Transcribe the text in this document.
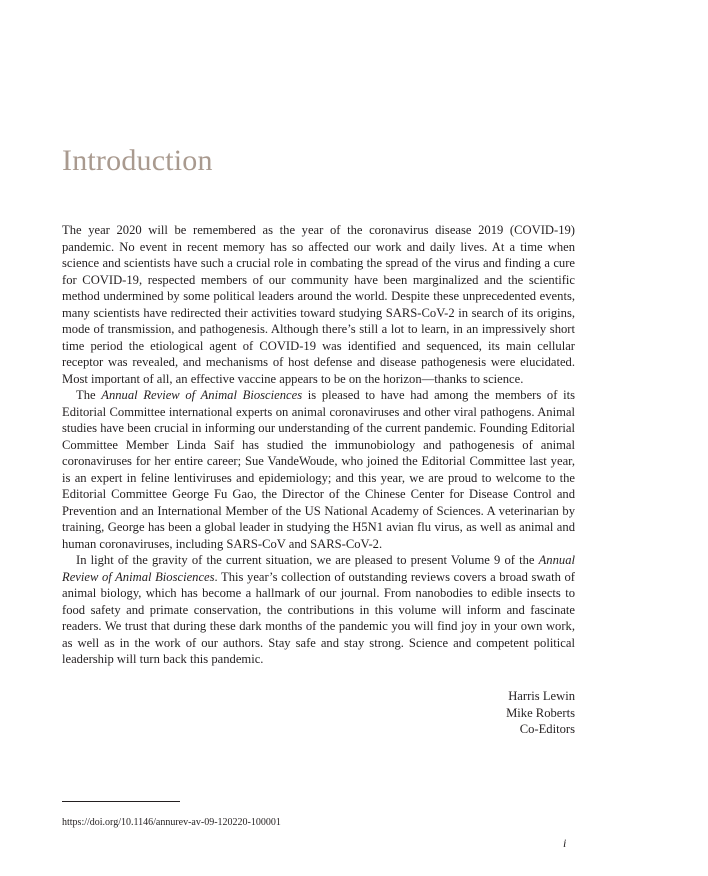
Introduction

The year 2020 will be remembered as the year of the coronavirus disease 2019 (COVID-19) pandemic. No event in recent memory has so affected our work and daily lives. At a time when science and scientists have such a crucial role in combating the spread of the virus and finding a cure for COVID-19, respected members of our community have been marginalized and the scientific method undermined by some political leaders around the world. Despite these unprecedented events, many scientists have redirected their activities toward studying SARS-CoV-2 in search of its origins, mode of transmission, and pathogenesis. Although there’s still a lot to learn, in an impressively short time period the etiological agent of COVID-19 was identified and sequenced, its main cellular receptor was revealed, and mechanisms of host defense and disease pathogenesis were elucidated. Most important of all, an effective vaccine appears to be on the horizon—thanks to science.

The Annual Review of Animal Biosciences is pleased to have had among the members of its Editorial Committee international experts on animal coronaviruses and other viral pathogens. Animal studies have been crucial in informing our understanding of the current pandemic. Founding Editorial Committee Member Linda Saif has studied the immunobiology and pathogenesis of animal coronaviruses for her entire career; Sue VandeWoude, who joined the Editorial Committee last year, is an expert in feline lentiviruses and epidemiology; and this year, we are proud to welcome to the Editorial Committee George Fu Gao, the Director of the Chinese Center for Disease Control and Prevention and an International Member of the US National Academy of Sciences. A veterinarian by training, George has been a global leader in studying the H5N1 avian flu virus, as well as animal and human coronaviruses, including SARS-CoV and SARS-CoV-2.

In light of the gravity of the current situation, we are pleased to present Volume 9 of the Annual Review of Animal Biosciences. This year’s collection of outstanding reviews covers a broad swath of animal biology, which has become a hallmark of our journal. From nanobodies to edible insects to food safety and primate conservation, the contributions in this volume will inform and fascinate readers. We trust that during these dark months of the pandemic you will find joy in your own work, as well as in the work of our authors. Stay safe and stay strong. Science and competent political leadership will turn back this pandemic.

Harris Lewin
Mike Roberts
Co-Editors
https://doi.org/10.1146/annurev-av-09-120220-100001
i
